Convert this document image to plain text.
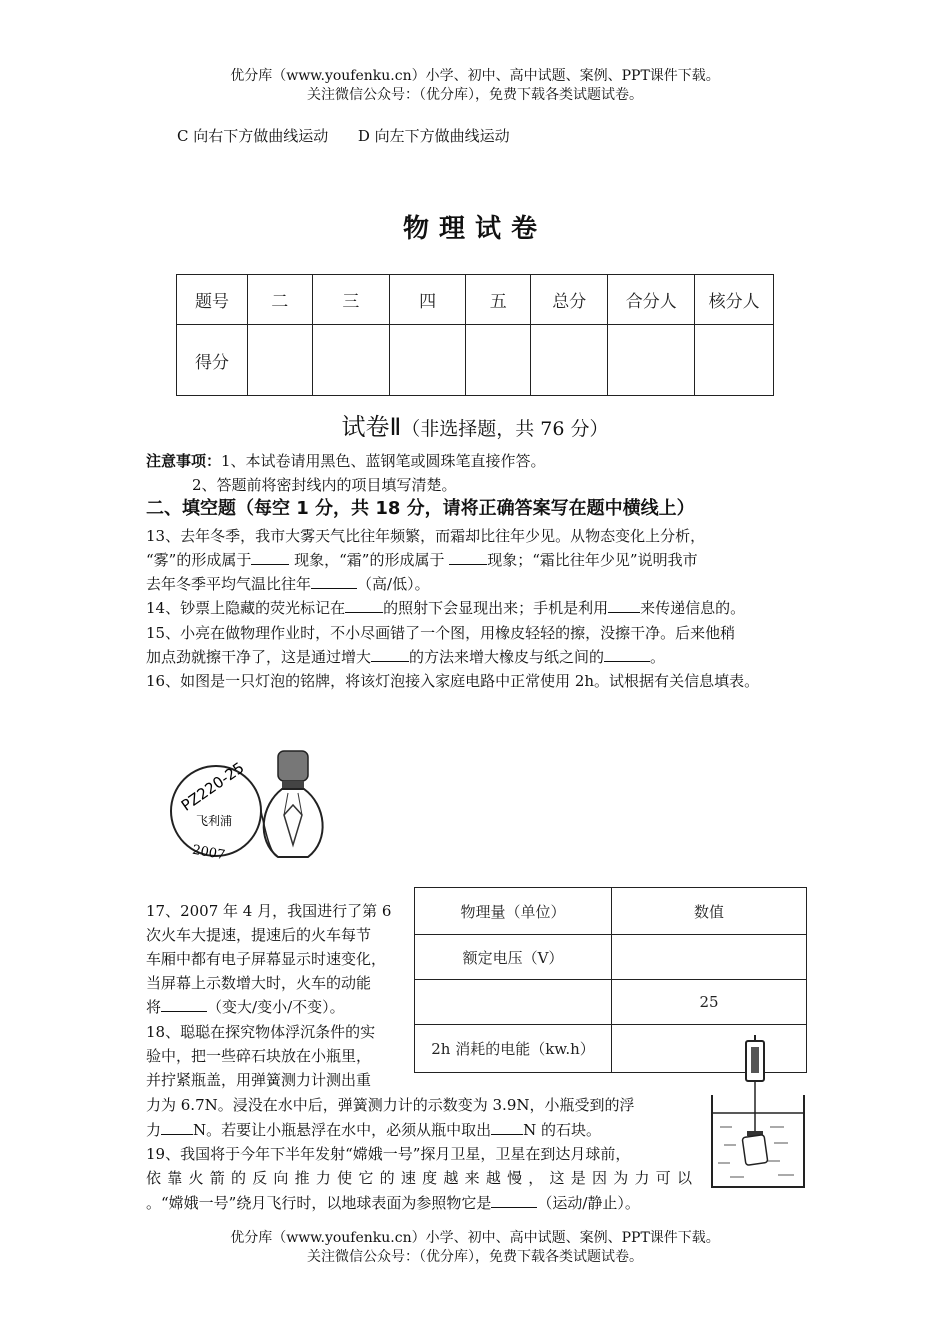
优分库（www.youfenku.cn）小学、初中、高中试题、案例、PPT课件下载。
关注微信公众号：（优分库），免费下载各类试题试卷。
C 向右下方做曲线运动 D 向左下方做曲线运动
物理试卷
题号	二	三	四	五	总分	合分人	核分人
得分							
试卷Ⅱ（非选择题，共 76 分）
注意事项：1、本试卷请用黑色、蓝钢笔或圆珠笔直接作答。
2、答题前将密封线内的项目填写清楚。
二、填空题（每空 1 分，共 18 分，请将正确答案写在题中横线上）
13、去年冬季，我市大雾天气比往年频繁，而霜却比往年少见。从物态变化上分析，
“雾”的形成属于	现象，“霜”的形成属于	现象；“霜比往年少见”说明我市
去年冬季平均气温比往年	（高/低）。
14、钞票上隐藏的荧光标记在	的照射下会显现出来；手机是利用 来传递信息的。
15、小亮在做物理作业时，不小尽画错了一个图，用橡皮轻轻的擦，没擦干净。后来他稍
加点劲就擦干净了，这是通过增大	的方法来增大橡皮与纸之间的	。
16、如图是一只灯泡的铭牌，将该灯泡接入家庭电路中正常使用 2h。试根据有关信息填表。
PZ220-25
飞利浦
2007
物理量（单位）	数值
额定电压（V）	
	25
2h 消耗的电能（kw.h）	
17、2007 年 4 月，我国进行了第 6
次火车大提速，提速后的火车每节
车厢中都有电子屏幕显示时速变化，
当屏幕上示数增大时，火车的动能
将	（变大/变小/不变）。
18、聪聪在探究物体浮沉条件的实
验中，把一些碎石块放在小瓶里，
并拧紧瓶盖，用弹簧测力计测出重
力为 6.7N。浸没在水中后，弹簧测力计的示数变为 3.9N，小瓶受到的浮
力 N。若要让小瓶悬浮在水中，必须从瓶中取出 N 的石块。
19、我国将于今年下半年发射“嫦娥一号”探月卫星，卫星在到达月球前，
依靠火箭的反向推力使它的速度越来越慢，这是因为力可以
。“嫦娥一号”绕月飞行时，以地球表面为参照物它是	（运动/静止）。
优分库（www.youfenku.cn）小学、初中、高中试题、案例、PPT课件下载。
关注微信公众号：（优分库），免费下载各类试题试卷。
